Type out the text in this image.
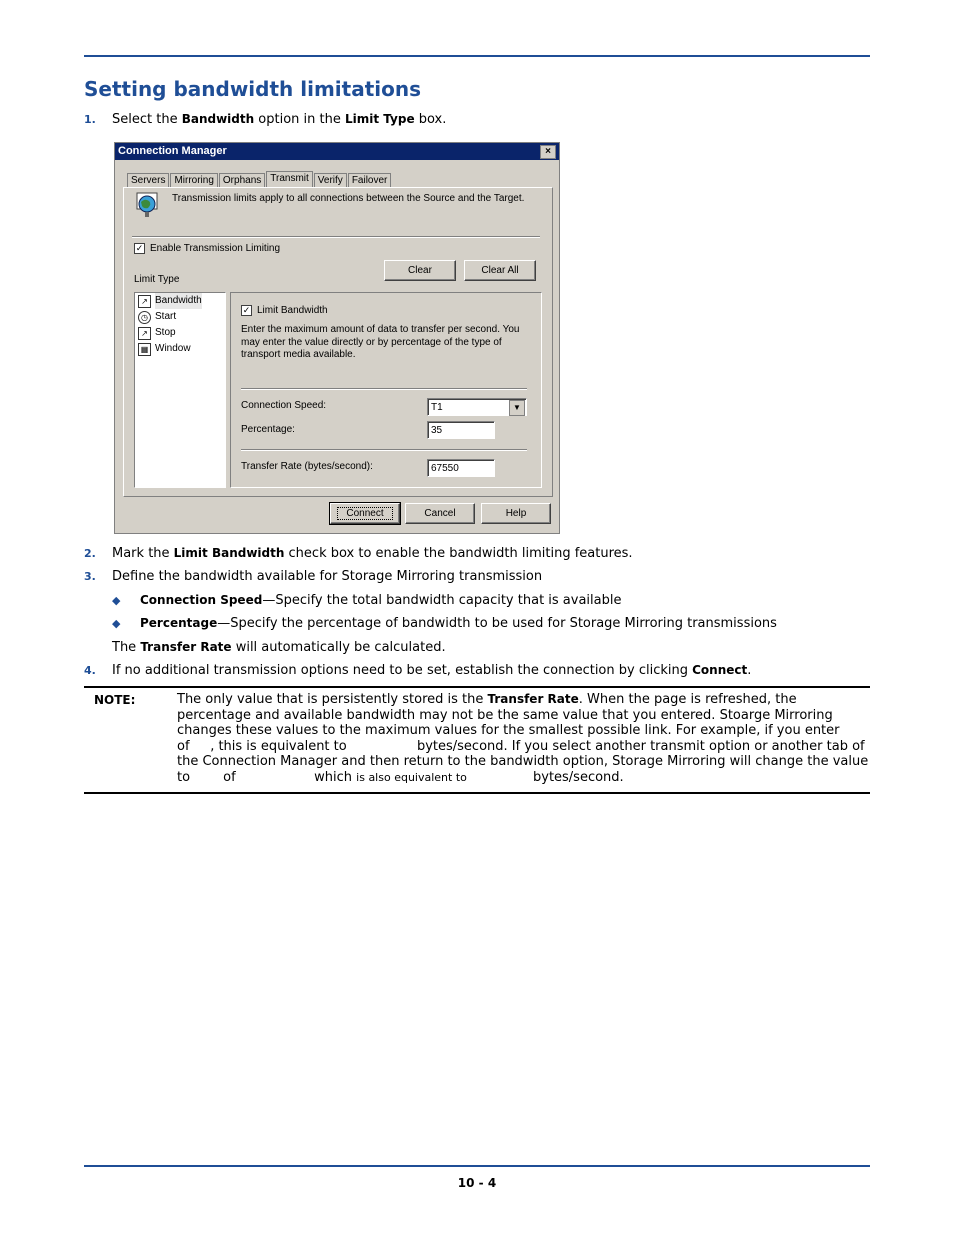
Setting bandwidth limitations
1. Select the Bandwidth option in the Limit Type box.
Connection Manager	×
Servers Mirroring Orphans Transmit Verify Failover
Transmission limits apply to all connections between the Source and the Target.
✓ Enable Transmission Limiting
Clear	Clear All
Limit Type
↗ Bandwidth
◷ Start
↗ Stop
▦ Window
✓ Limit Bandwidth
Enter the maximum amount of data to transfer per second. You may enter the value directly or by percentage of the type of transport media available.
Connection Speed:	T1	▼
Percentage:	35
Transfer Rate (bytes/second):	67550
Connect	Cancel	Help
2. Mark the Limit Bandwidth check box to enable the bandwidth limiting features.
3. Define the bandwidth available for Storage Mirroring transmission
◆ Connection Speed—Specify the total bandwidth capacity that is available
◆ Percentage—Specify the percentage of bandwidth to be used for Storage Mirroring transmissions
The Transfer Rate will automatically be calculated.
4. If no additional transmission options need to be set, establish the connection by clicking Connect.
NOTE:	The only value that is persistently stored is the Transfer Rate. When the page is refreshed, the percentage and available bandwidth may not be the same value that you entered. Stoarge Mirroring changes these values to the maximum values for the smallest possible link. For example, if you enter        of     , this is equivalent to                 bytes/second. If you select another transmit option or another tab of the Connection Manager and then return to the bandwidth option, Storage Mirroring will change the value to        of                   which is also equivalent to                bytes/second.
10 - 4
